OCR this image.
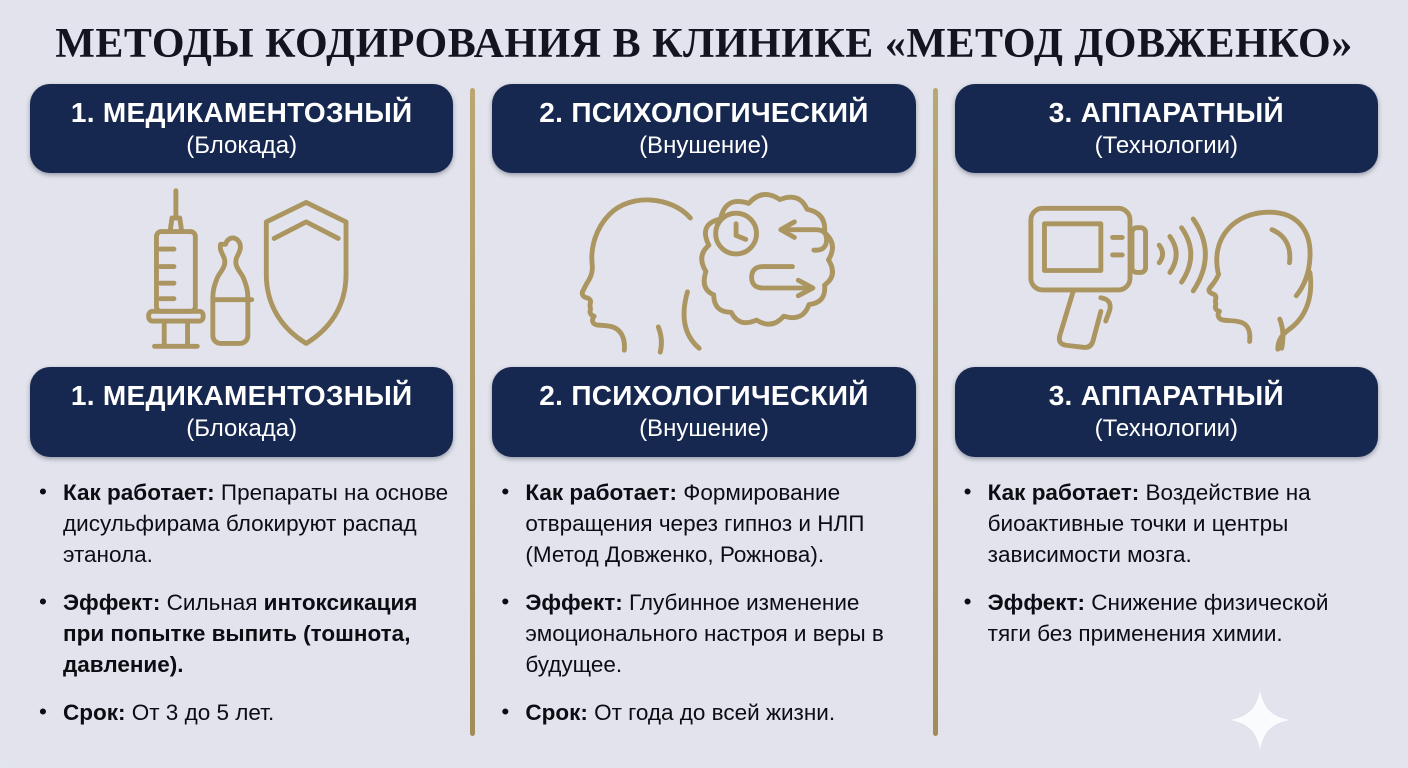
МЕТОДЫ КОДИРОВАНИЯ В КЛИНИКЕ «МЕТОД ДОВЖЕНКО»
1. МЕДИКАМЕНТОЗНЫЙ
(Блокада)
1. МЕДИКАМЕНТОЗНЫЙ
(Блокада)
• Как работает: Препараты на основе дисульфирама блокируют распад этанола.
• Эффект: Сильная интоксикация при попытке выпить (тошнота, давление).
• Срок: От 3 до 5 лет.
2. ПСИХОЛОГИЧЕСКИЙ
(Внушение)
2. ПСИХОЛОГИЧЕСКИЙ
(Внушение)
• Как работает: Формирование отвращения через гипноз и НЛП (Метод Довженко, Рожнова).
• Эффект: Глубинное изменение эмоционального настроя и веры в будущее.
• Срок: От года до всей жизни.
3. АППАРАТНЫЙ
(Технологии)
3. АППАРАТНЫЙ
(Технологии)
• Как работает: Воздействие на биоактивные точки и центры зависимости мозга.
• Эффект: Снижение физической тяги без применения химии.
